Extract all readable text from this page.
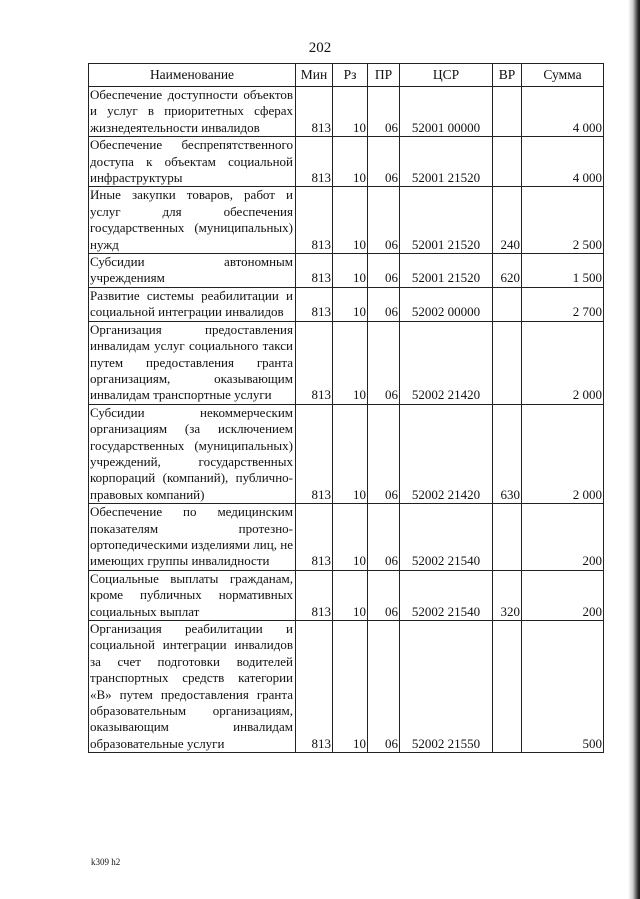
202
Наименование	Мин	Рз	ПР	ЦСР	ВР	Сумма
Обеспечение доступности объектов и услуг в приоритетных сферах жизнедеятельности инвалидов	813	10	06	52001 00000		4 000
Обеспечение беспрепятственного доступа к объектам социальной инфраструктуры	813	10	06	52001 21520		4 000
Иные закупки товаров, работ и услуг для обеспечения государственных (муниципальных) нужд	813	10	06	52001 21520	240	2 500
Субсидии автономным учреждениям	813	10	06	52001 21520	620	1 500
Развитие системы реабилитации и социальной интеграции инвалидов	813	10	06	52002 00000		2 700
Организация предоставления инвалидам услуг социального такси путем предоставления гранта организациям, оказывающим инвалидам транспортные услуги	813	10	06	52002 21420		2 000
Субсидии некоммерческим организациям (за исключением государственных (муниципальных) учреждений, государственных корпораций (компаний), публично-правовых компаний)	813	10	06	52002 21420	630	2 000
Обеспечение по медицинским показателям протезно-ортопедическими изделиями лиц, не имеющих группы инвалидности	813	10	06	52002 21540		200
Социальные выплаты гражданам, кроме публичных нормативных социальных выплат	813	10	06	52002 21540	320	200
Организация реабилитации и социальной интеграции инвалидов за счет подготовки водителей транспортных средств категории «В» путем предоставления гранта образовательным организациям, оказывающим инвалидам образовательные услуги	813	10	06	52002 21550		500
k309 h2
